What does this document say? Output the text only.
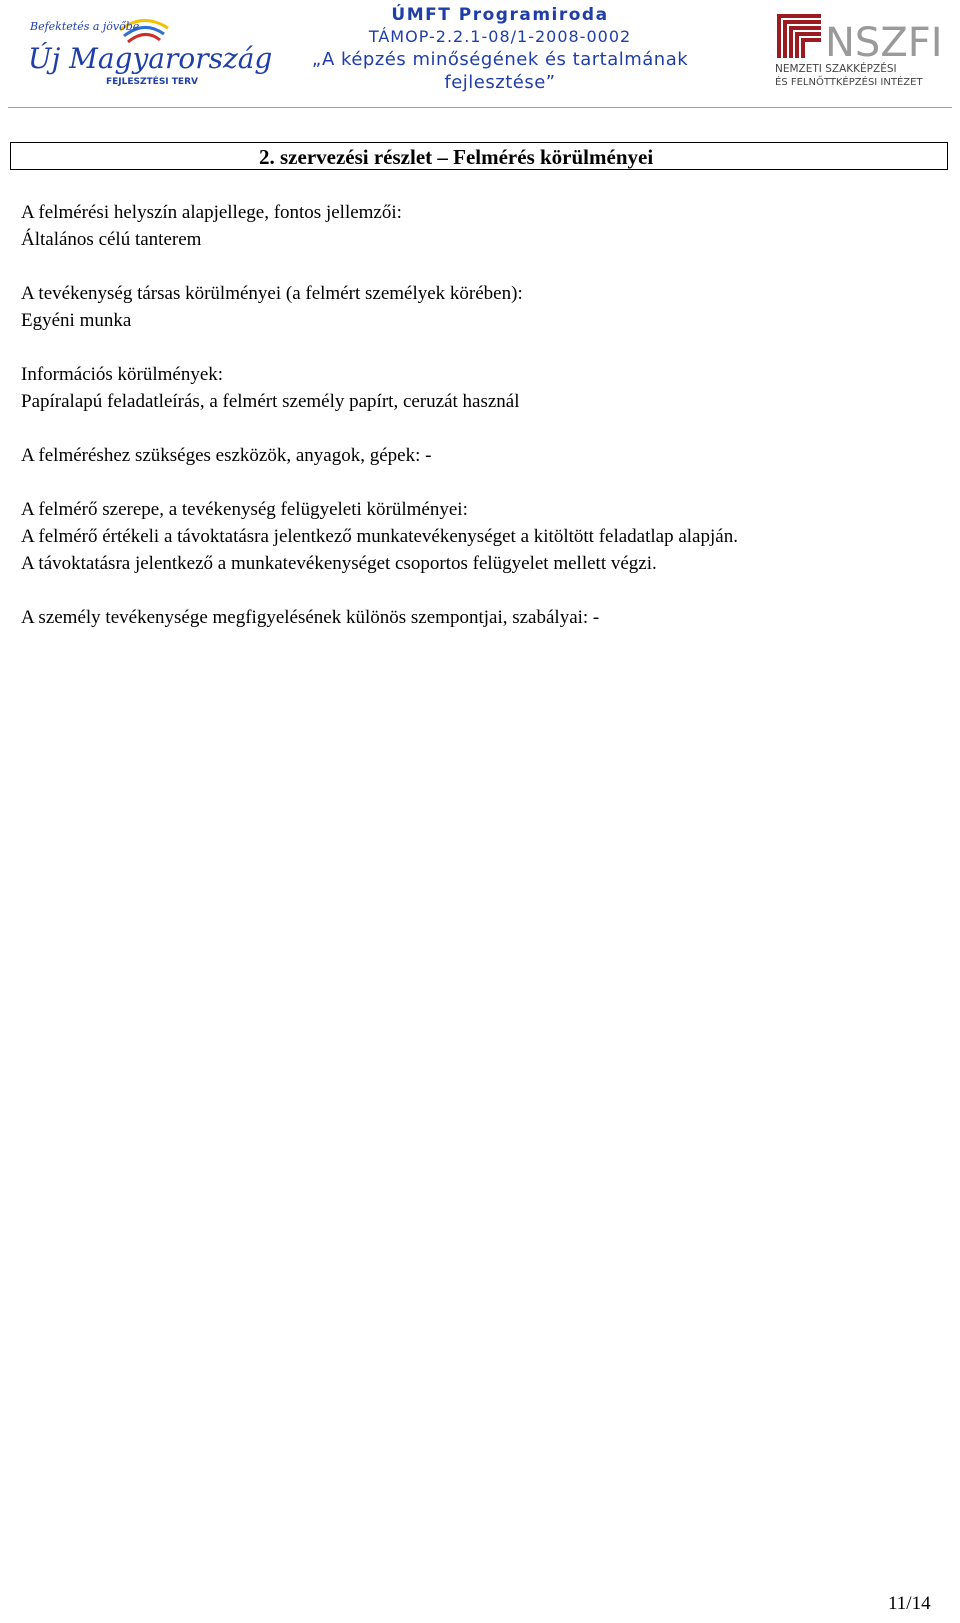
Befektetés a jövőbe
Új Magyarország
FEJLESZTÉSI TERV
ÚMFT Programiroda
TÁMOP-2.2.1-08/1-2008-0002
„A képzés minőségének és tartalmának
fejlesztése”
NSZFI
NEMZETI SZAKKÉPZÉSI
ÉS FELNŐTTKÉPZÉSI INTÉZET
2. szervezési részlet – Felmérés körülményei
A felmérési helyszín alapjellege, fontos jellemzői:
Általános célú tanterem
A tevékenység társas körülményei (a felmért személyek körében):
Egyéni munka
Információs körülmények:
Papíralapú feladatleírás, a felmért személy papírt, ceruzát használ
A felméréshez szükséges eszközök, anyagok, gépek: -
A felmérő szerepe, a tevékenység felügyeleti körülményei:
A felmérő értékeli a távoktatásra jelentkező munkatevékenységet a kitöltött feladatlap alapján.
A távoktatásra jelentkező a munkatevékenységet csoportos felügyelet mellett végzi.
A személy tevékenysége megfigyelésének különös szempontjai, szabályai: -
11/14
